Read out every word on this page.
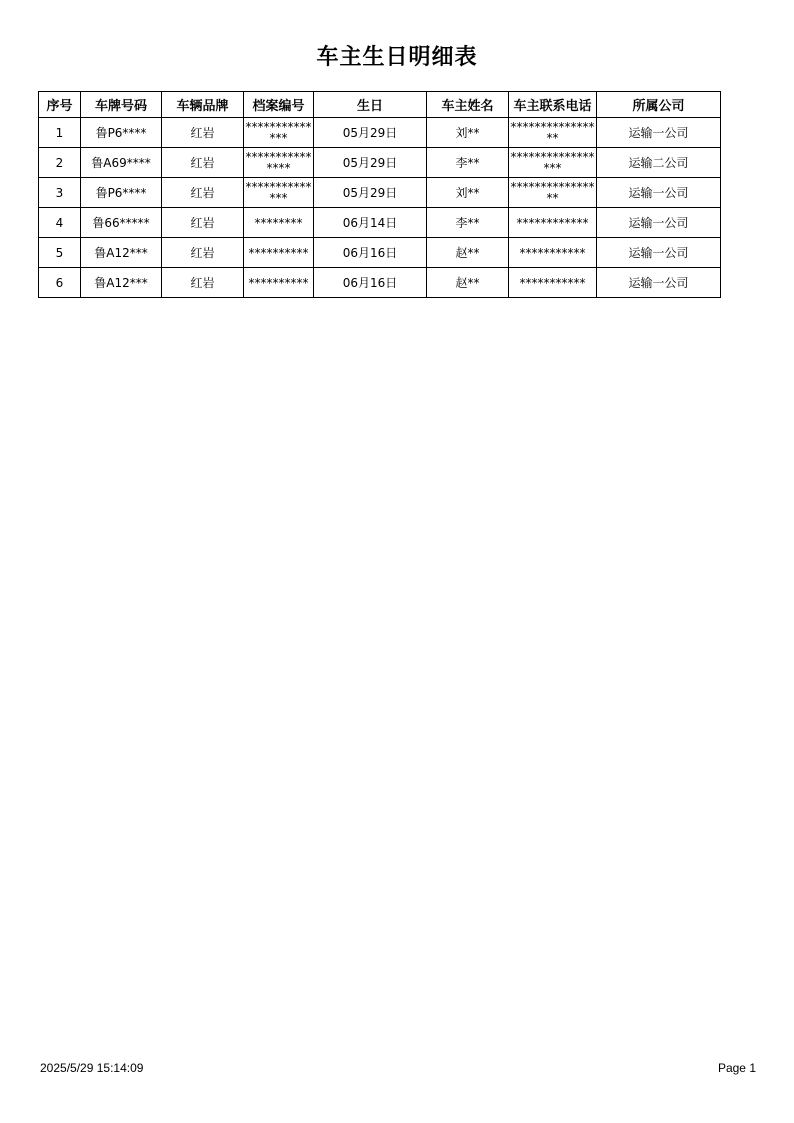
车主生日明细表
序号	车牌号码	车辆品牌	档案编号	生日	车主姓名	车主联系电话	所属公司
1	鲁P6****	红岩	**************	05月29日	刘**	****************	运输一公司
2	鲁A69****	红岩	***************	05月29日	李**	*****************	运输二公司
3	鲁P6****	红岩	**************	05月29日	刘**	****************	运输一公司
4	鲁66*****	红岩	********	06月14日	李**	************	运输一公司
5	鲁A12***	红岩	**********	06月16日	赵**	***********	运输一公司
6	鲁A12***	红岩	**********	06月16日	赵**	***********	运输一公司
2025/5/29 15:14:09	Page 1
